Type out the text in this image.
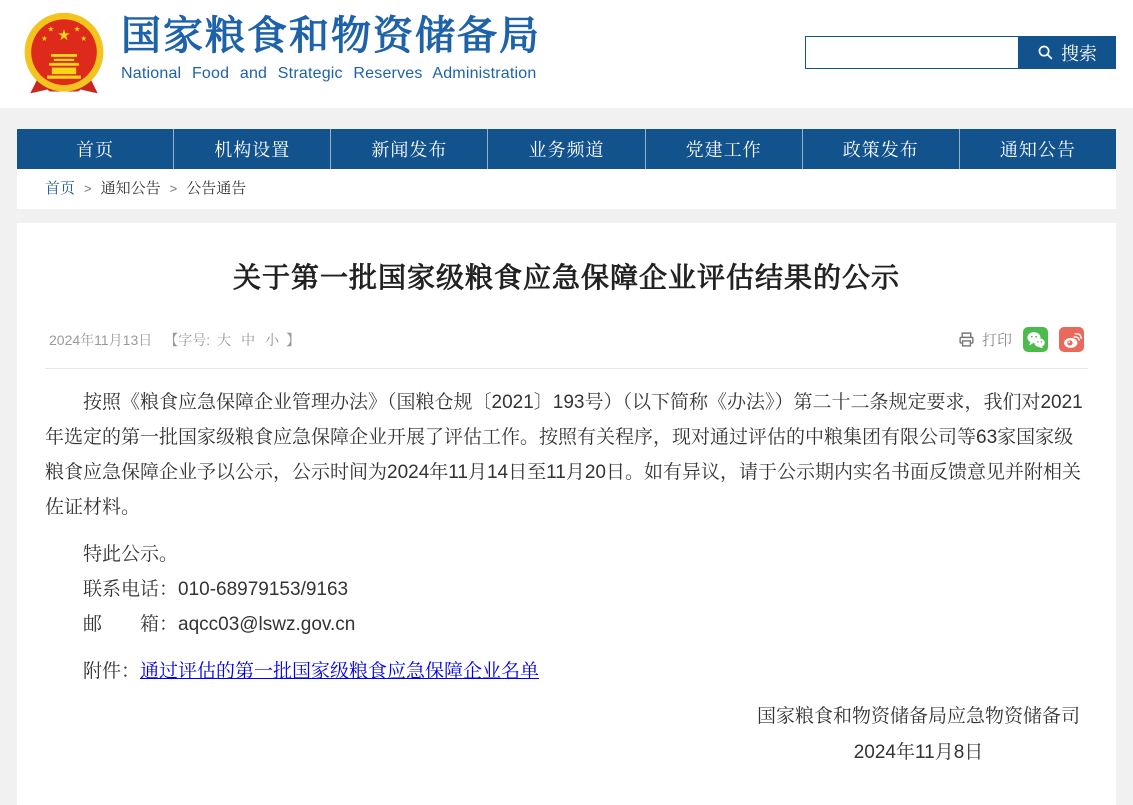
★
★ ★
★	★ 国家粮食和物资储备局
National Food and Strategic Reserves Administration
搜索
首页	机构设置	新闻发布	业务频道	党建工作	政策发布	通知公告
首页 > 通知公告 > 公告通告
关于第一批国家级粮食应急保障企业评估结果的公示
2024年11月13日 【字号: 大 中 小 】	打印

按照《粮食应急保障企业管理办法》（国粮仓规〔2021〕193号）（以下简称《办法》）第二十二条规定要求，我们对2021年选定的第一批国家级粮食应急保障企业开展了评估工作。按照有关程序，现对通过评估的中粮集团有限公司等63家国家级粮食应急保障企业予以公示，公示时间为2024年11月14日至11月20日。如有异议，请于公示期内实名书面反馈意见并附相关佐证材料。

特此公示。

联系电话：010-68979153/9163

邮　　箱：aqcc03@lswz.gov.cn

附件：通过评估的第一批国家级粮食应急保障企业名单

国家粮食和物资储备局应急物资储备司
2024年11月8日
